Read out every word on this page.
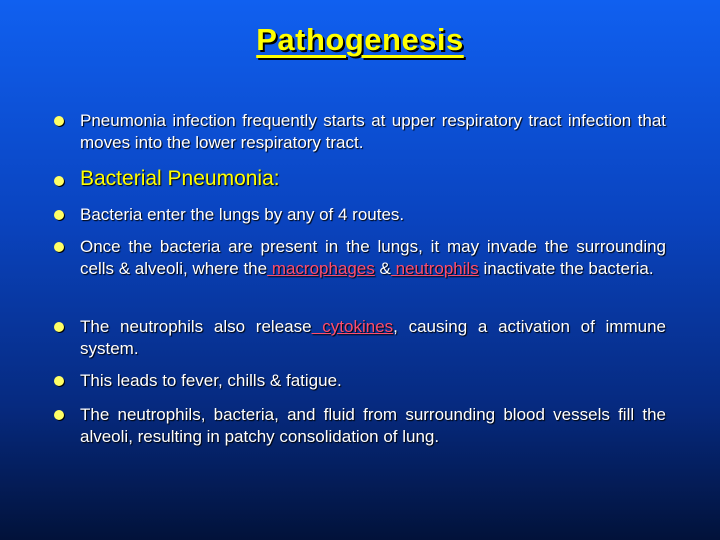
Pathogenesis
Pneumonia infection frequently starts at upper respiratory tract infection that moves into the lower respiratory tract.
Bacterial Pneumonia:
Bacteria enter the lungs by any of 4 routes.
Once the bacteria are present in the lungs, it may invade the surrounding cells & alveoli, where the macrophages & neutrophils inactivate the bacteria.
The neutrophils also release cytokines, causing a activation of immune system.
This leads to fever, chills & fatigue.
The neutrophils, bacteria, and fluid from surrounding blood vessels fill the alveoli, resulting in patchy consolidation of lung.
